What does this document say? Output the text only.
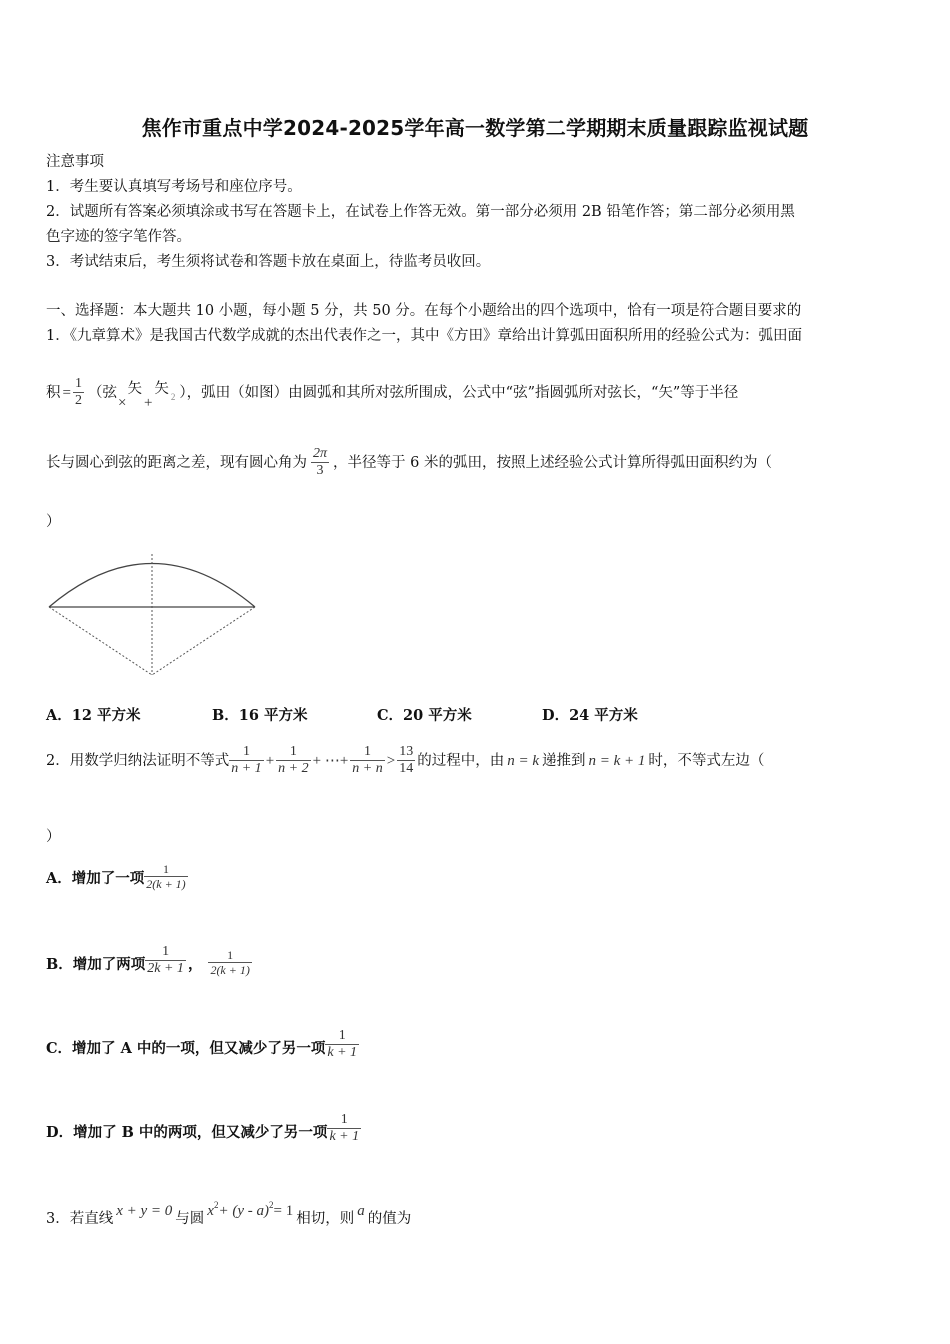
焦作市重点中学2024-2025学年高一数学第二学期期末质量跟踪监视试题
注意事项
1．考生要认真填写考场号和座位序号。
2．试题所有答案必须填涂或书写在答题卡上，在试卷上作答无效。第一部分必须用 2B 铅笔作答；第二部分必须用黑
色字迹的签字笔作答。
3．考试结束后，考生须将试卷和答题卡放在桌面上，待监考员收回。
一、选择题：本大题共 10 小题，每小题 5 分，共 50 分。在每个小题给出的四个选项中，恰有一项是符合题目要求的
1．《九章算术》是我国古代数学成就的杰出代表作之一，其中《方田》章给出计算弧田面积所用的经验公式为：弧田面
积 = $\frac{1}{2}$ （弦
×
矢
+
矢 2 ），弧田（如图）由圆弧和其所对弦所围成，公式中“弦”指圆弧所对弦长，“矢”等于半径
长与圆心到弦的距离之差，现有圆心角为 $\frac{2\pi}{3}$ ，半径等于 6 米的弧田，按照上述经验公式计算所得弧田面积约为（
）
A．12 平方米	B．16 平方米	C．20 平方米	D．24 平方米
2．用数学归纳法证明不等式 $\frac{1}{n + 1} + \frac{1}{n + 2}$ + ⋯+ $\frac{1}{n + n} > \frac{13}{14}$ 的过程中，由 n = k 递推到 n = k + 1 时，不等式左边（
）
A．增加了一项 $\frac{1}{2(k + 1)}$
B．增加了两项 $\frac{1}{2k + 1}$ ， $\frac{1}{2(k + 1)}$
C．增加了 A 中的一项，但又减少了另一项 $\frac{1}{k + 1}$
D．增加了 B 中的两项，但又减少了另一项 $\frac{1}{k + 1}$
3．若直线 x + y = 0 与圆 x 2 + (y - a) 2 = 1 相切，则 a 的值为
